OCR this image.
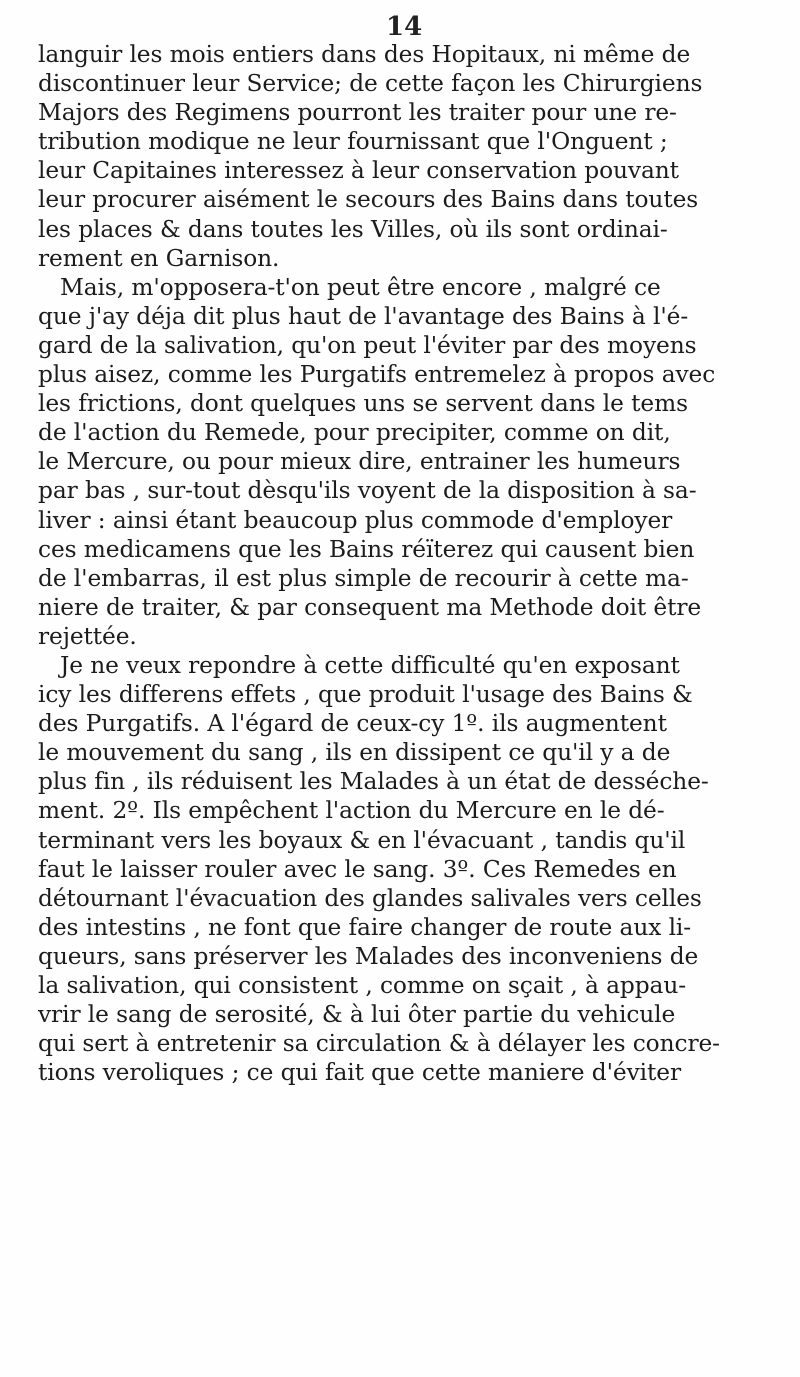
14
languir les mois entiers dans des Hopitaux, ni même de
discontinuer leur Service; de cette façon les Chirurgiens
Majors des Regimens pourront les traiter pour une re-
tribution modique ne leur fournissant que l'Onguent ;
leur Capitaines interessez à leur conservation pouvant
leur procurer aisément le secours des Bains dans toutes
les places & dans toutes les Villes, où ils sont ordinai-
rement en Garnison.
Mais, m'opposera-t'on peut être encore , malgré ce
que j'ay déja dit plus haut de l'avantage des Bains à l'é-
gard de la salivation, qu'on peut l'éviter par des moyens
plus aisez, comme les Purgatifs entremelez à propos avec
les frictions, dont quelques uns se servent dans le tems
de l'action du Remede, pour precipiter, comme on dit,
le Mercure, ou pour mieux dire, entrainer les humeurs
par bas , sur-tout dèsqu'ils voyent de la disposition à sa-
liver : ainsi étant beaucoup plus commode d'employer
ces medicamens que les Bains réïterez qui causent bien
de l'embarras, il est plus simple de recourir à cette ma-
niere de traiter, & par consequent ma Methode doit être
rejettée.
Je ne veux repondre à cette difficulté qu'en exposant
icy les differens effets , que produit l'usage des Bains &
des Purgatifs. A l'égard de ceux-cy 1º. ils augmentent
le mouvement du sang , ils en dissipent ce qu'il y a de
plus fin , ils réduisent les Malades à un état de desséche-
ment. 2º. Ils empêchent l'action du Mercure en le dé-
terminant vers les boyaux & en l'évacuant , tandis qu'il
faut le laisser rouler avec le sang. 3º. Ces Remedes en
détournant l'évacuation des glandes salivales vers celles
des intestins , ne font que faire changer de route aux li-
queurs, sans préserver les Malades des inconveniens de
la salivation, qui consistent , comme on sçait , à appau-
vrir le sang de serosité, & à lui ôter partie du vehicule
qui sert à entretenir sa circulation & à délayer les concre-
tions veroliques ; ce qui fait que cette maniere d'éviter
